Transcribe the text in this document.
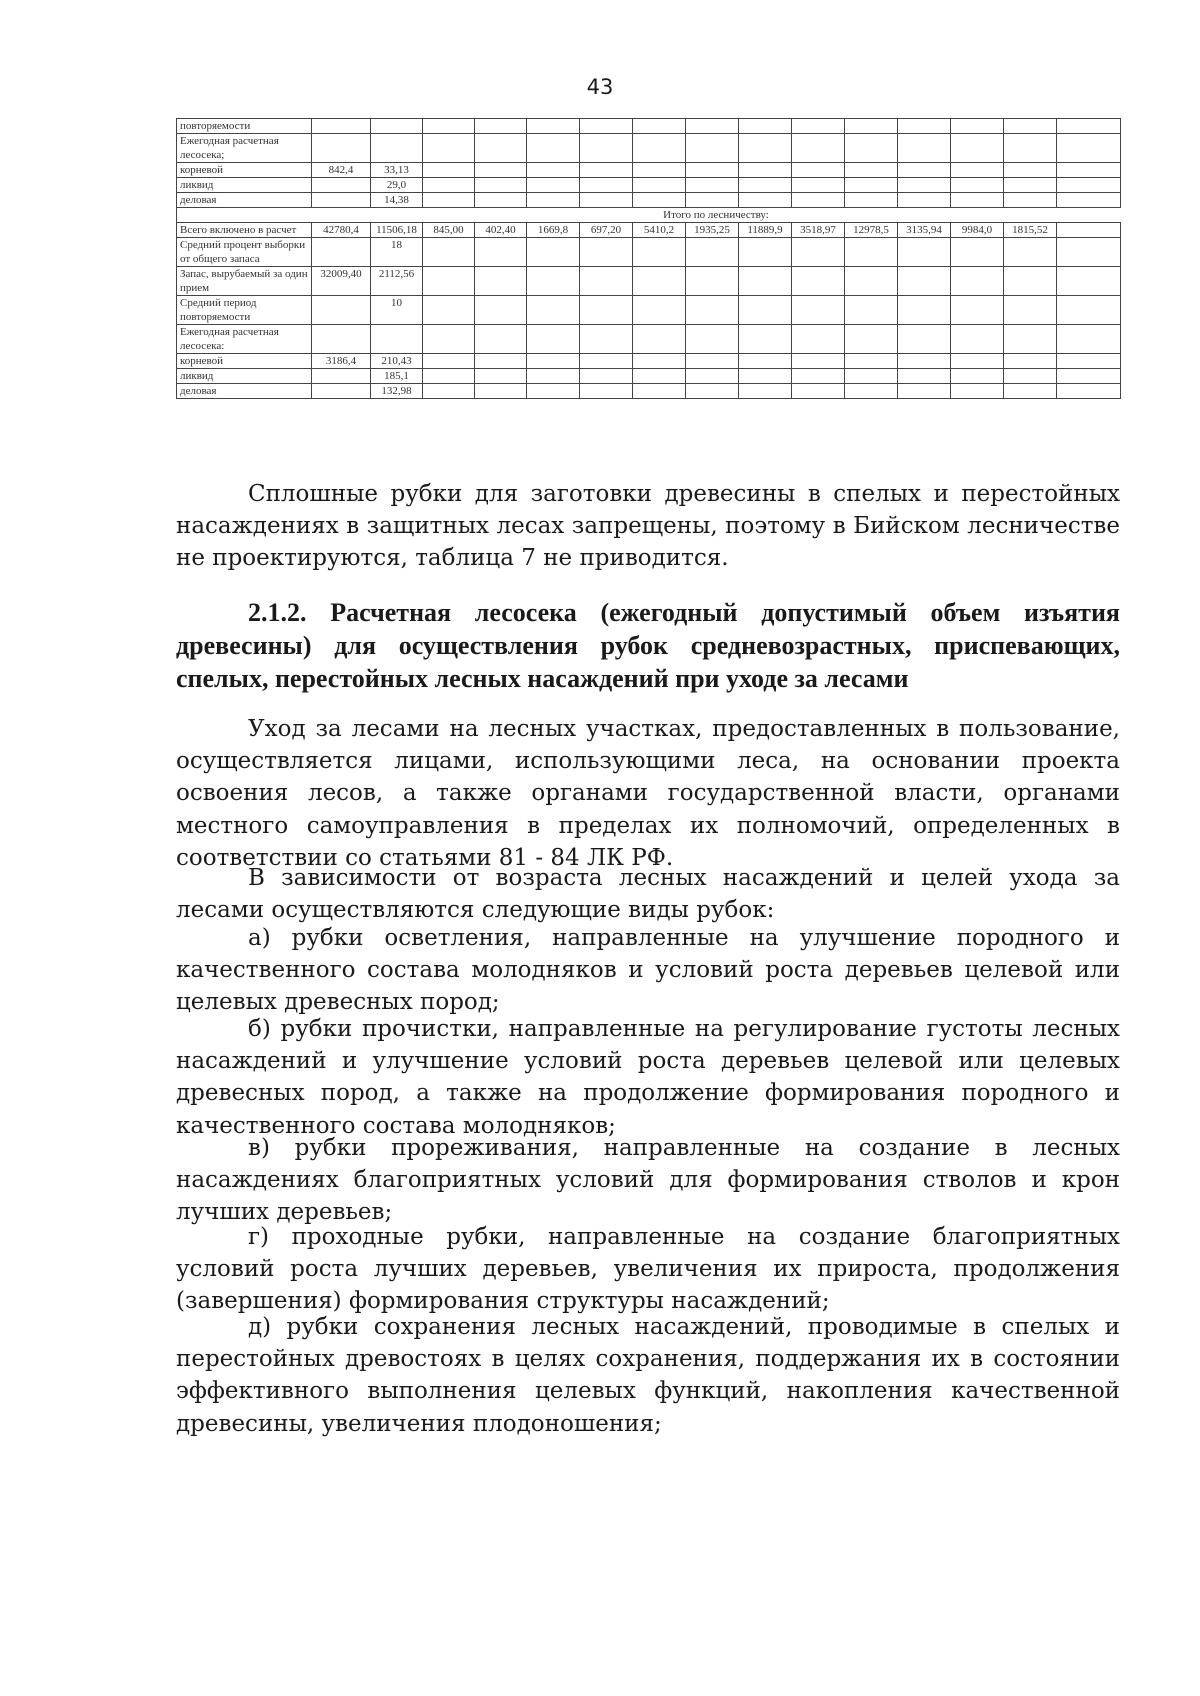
43
повторяемости															
Ежегодная расчетная лесосека;															
корневой	842,4	33,13													
ликвид		29,0													
деловая		14,38													
	Итого по лесничеству:														
Всего включено в расчет	42780,4	11506,18	845,00	402,40	1669,8	697,20	5410,2	1935,25	11889,9	3518,97	12978,5	3135,94	9984,0	1815,52	
Средний процент выборки от общего запаса		18													
Запас, вырубаемый за один прием	32009,40	2112,56													
Средний период повторяемости		10													
Ежегодная расчетная лесосека:															
корневой	3186,4	210,43													
ликвид		185,1													
деловая		132,98													
Сплошные рубки для заготовки древесины в спелых и перестойных насаждениях в защитных лесах запрещены, поэтому в Бийском лесничестве не проектируются, таблица 7 не приводится.
2.1.2. Расчетная лесосека (ежегодный допустимый объем изъятия древесины) для осуществления рубок средневозрастных, приспевающих, спелых, перестойных лесных насаждений при уходе за лесами
Уход за лесами на лесных участках, предоставленных в пользование, осуществляется лицами, использующими леса, на основании проекта освоения лесов, а также органами государственной власти, органами местного самоуправления в пределах их полномочий, определенных в соответствии со статьями 81 - 84 ЛК РФ.
В зависимости от возраста лесных насаждений и целей ухода за лесами осуществляются следующие виды рубок:
а) рубки осветления, направленные на улучшение породного и качественного состава молодняков и условий роста деревьев целевой или целевых древесных пород;
б) рубки прочистки, направленные на регулирование густоты лесных насаждений и улучшение условий роста деревьев целевой или целевых древесных пород, а также на продолжение формирования породного и качественного состава молодняков;
в) рубки прореживания, направленные на создание в лесных насаждениях благоприятных условий для формирования стволов и крон лучших деревьев;
г) проходные рубки, направленные на создание благоприятных условий роста лучших деревьев, увеличения их прироста, продолжения (завершения) формирования структуры насаждений;
д) рубки сохранения лесных насаждений, проводимые в спелых и перестойных древостоях в целях сохранения, поддержания их в состоянии эффективного выполнения целевых функций, накопления качественной древесины, увеличения плодоношения;
